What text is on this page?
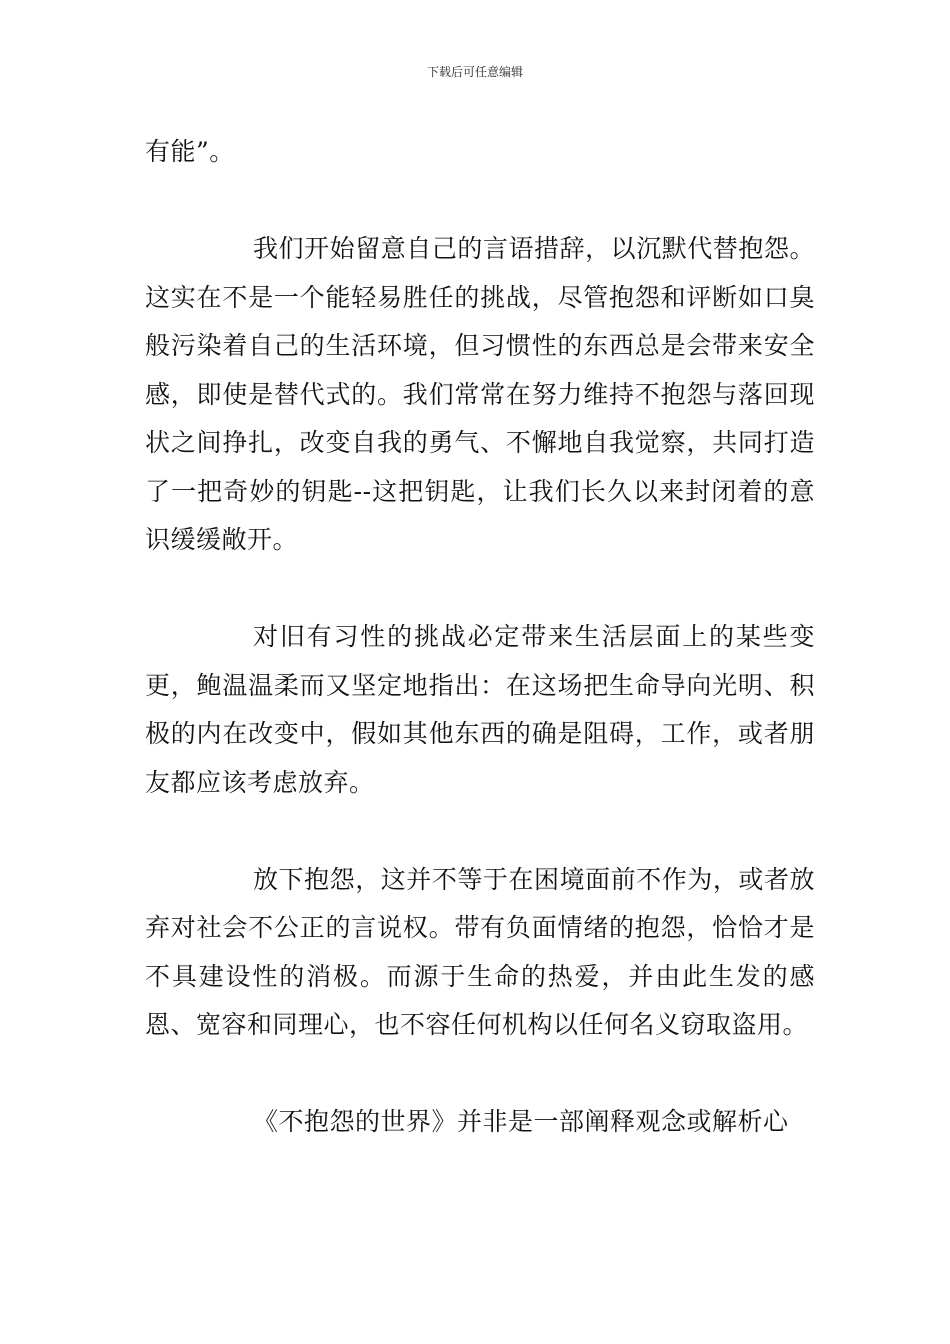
下载后可任意编辑

有能”。

我们开始留意自己的言语措辞，以沉默代替抱怨。这实在不是一个能轻易胜任的挑战，尽管抱怨和评断如口臭般污染着自己的生活环境，但习惯性的东西总是会带来安全感，即使是替代式的。我们常常在努力维持不抱怨与落回现状之间挣扎，改变自我的勇气、不懈地自我觉察，共同打造了一把奇妙的钥匙--这把钥匙，让我们长久以来封闭着的意识缓缓敞开。

对旧有习性的挑战必定带来生活层面上的某些变更，鲍温温柔而又坚定地指出：在这场把生命导向光明、积极的内在改变中，假如其他东西的确是阻碍，工作，或者朋友都应该考虑放弃。

放下抱怨，这并不等于在困境面前不作为，或者放弃对社会不公正的言说权。带有负面情绪的抱怨，恰恰才是不具建设性的消极。而源于生命的热爱，并由此生发的感恩、宽容和同理心，也不容任何机构以任何名义窃取盗用。

《不抱怨的世界》并非是一部阐释观念或解析心
